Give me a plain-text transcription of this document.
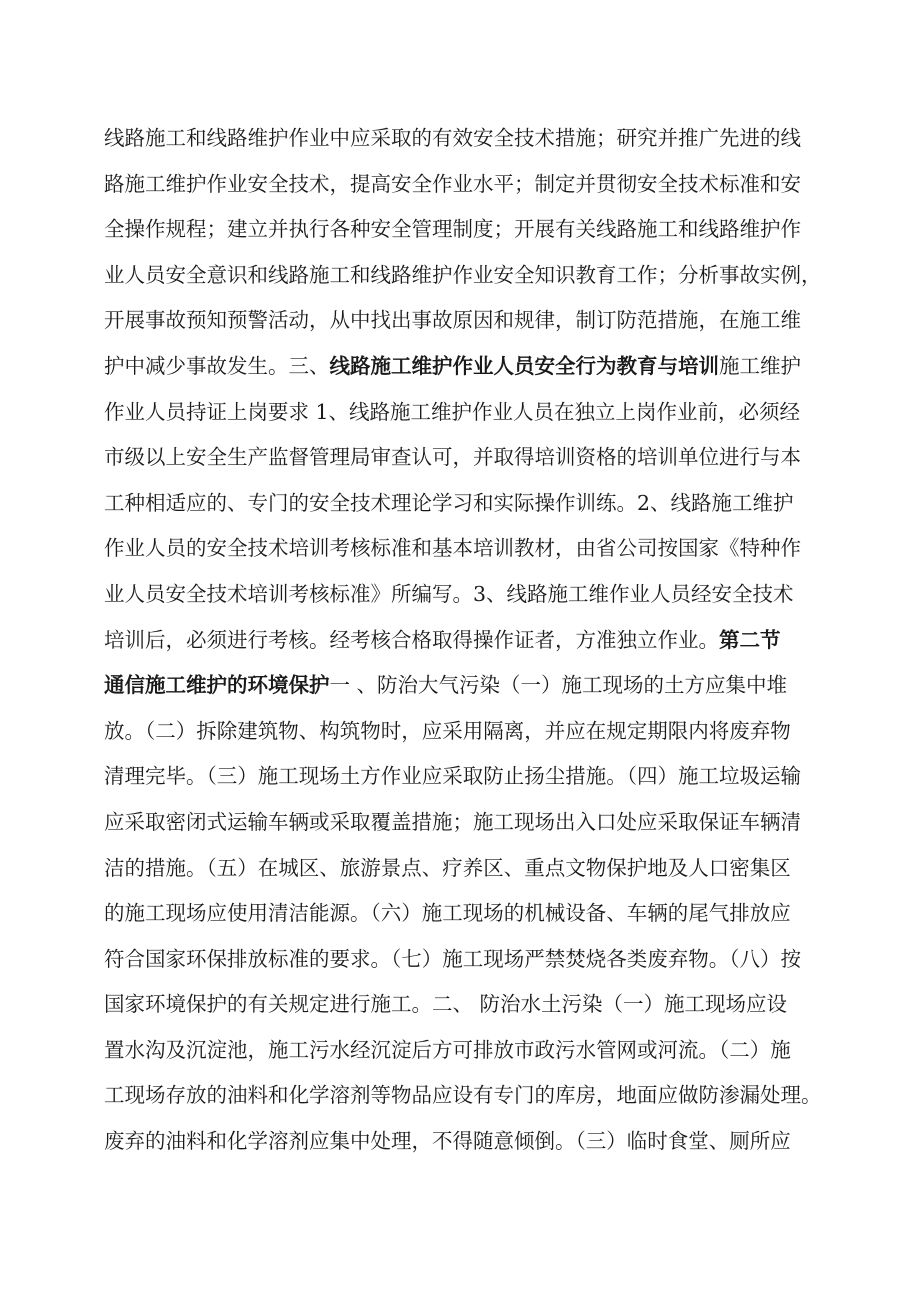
线路施工和线路维护作业中应采取的有效安全技术措施；研究并推广先进的线
路施工维护作业安全技术，提高安全作业水平；制定并贯彻安全技术标准和安
全操作规程；建立并执行各种安全管理制度；开展有关线路施工和线路维护作
业人员安全意识和线路施工和线路维护作业安全知识教育工作；分析事故实例，
开展事故预知预警活动，从中找出事故原因和规律，制订防范措施，在施工维
护中减少事故发生。三、线路施工维护作业人员安全行为教育与培训施工维护
作业人员持证上岗要求 1、线路施工维护作业人员在独立上岗作业前，必须经
市级以上安全生产监督管理局审查认可，并取得培训资格的培训单位进行与本
工种相适应的、专门的安全技术理论学习和实际操作训练。2、线路施工维护
作业人员的安全技术培训考核标准和基本培训教材，由省公司按国家《特种作
业人员安全技术培训考核标准》所编写。3、线路施工维作业人员经安全技术
培训后，必须进行考核。经考核合格取得操作证者，方准独立作业。第二节
通信施工维护的环境保护一 、防治大气污染（一）施工现场的土方应集中堆
放。（二）拆除建筑物、构筑物时，应采用隔离，并应在规定期限内将废弃物
清理完毕。（三）施工现场土方作业应采取防止扬尘措施。（四）施工垃圾运输
应采取密闭式运输车辆或采取覆盖措施；施工现场出入口处应采取保证车辆清
洁的措施。（五）在城区、旅游景点、疗养区、重点文物保护地及人口密集区
的施工现场应使用清洁能源。（六）施工现场的机械设备、车辆的尾气排放应
符合国家环保排放标准的要求。（七）施工现场严禁焚烧各类废弃物。（八）按
国家环境保护的有关规定进行施工。二、 防治水土污染（一）施工现场应设
置水沟及沉淀池，施工污水经沉淀后方可排放市政污水管网或河流。（二）施
工现场存放的油料和化学溶剂等物品应设有专门的库房，地面应做防渗漏处理。
废弃的油料和化学溶剂应集中处理，不得随意倾倒。（三）临时食堂、厕所应
